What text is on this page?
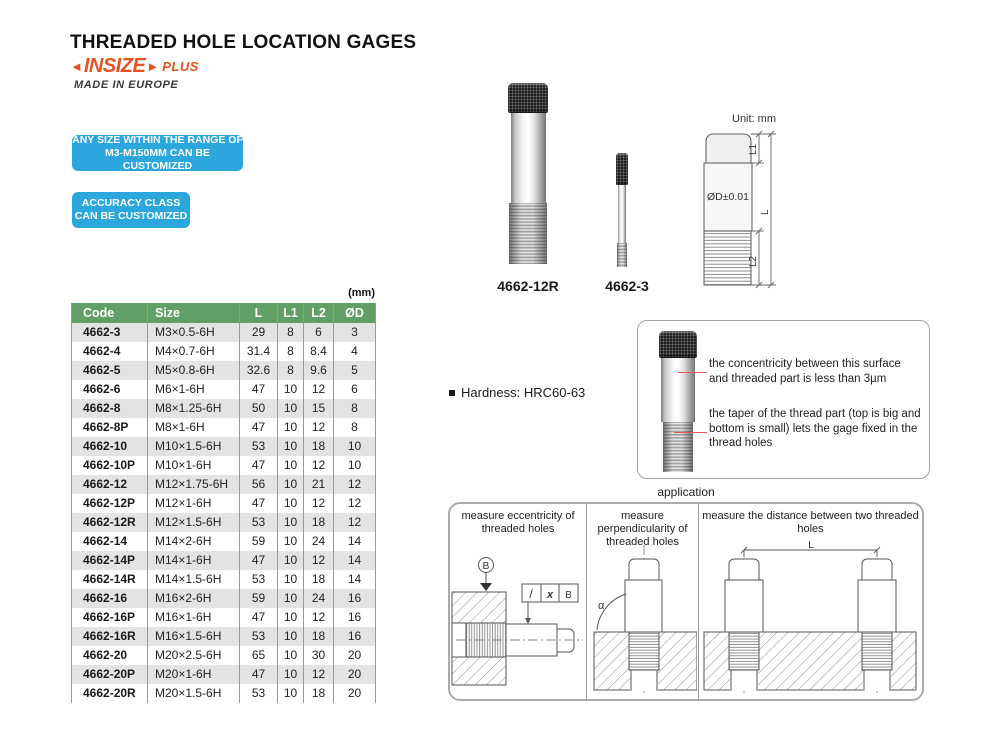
THREADED HOLE LOCATION GAGES
◄ INSIZE ► PLUS
MADE IN EUROPE
ANY SIZE WITHIN THE RANGE OF
M3-M150MM CAN BE CUSTOMIZED
ACCURACY CLASS
CAN BE CUSTOMIZED
(mm)
Code	Size	L	L1	L2	ØD
4662-3	M3×0.5-6H	29	8	6	3
4662-4	M4×0.7-6H	31.4	8	8.4	4
4662-5	M5×0.8-6H	32.6	8	9.6	5
4662-6	M6×1-6H	47	10	12	6
4662-8	M8×1.25-6H	50	10	15	8
4662-8P	M8×1-6H	47	10	12	8
4662-10	M10×1.5-6H	53	10	18	10
4662-10P	M10×1-6H	47	10	12	10
4662-12	M12×1.75-6H	56	10	21	12
4662-12P	M12×1-6H	47	10	12	12
4662-12R	M12×1.5-6H	53	10	18	12
4662-14	M14×2-6H	59	10	24	14
4662-14P	M14×1-6H	47	10	12	14
4662-14R	M14×1.5-6H	53	10	18	14
4662-16	M16×2-6H	59	10	24	16
4662-16P	M16×1-6H	47	10	12	16
4662-16R	M16×1.5-6H	53	10	18	16
4662-20	M20×2.5-6H	65	10	30	20
4662-20P	M20×1-6H	47	10	12	20
4662-20R	M20×1.5-6H	53	10	18	20
4662-12R	4662-3
Unit: mm
ØD±0.01
L1
L
L2
Hardness: HRC60-63
the concentricity between this surface and threaded part is less than 3µm
the taper of the thread part (top is big and bottom is small) lets the gage fixed in the thread holes
application
measure eccentricity of threaded holes
B
/ x B
measure perpendicularity of threaded holes
α
measure the distance between two threaded holes
L
